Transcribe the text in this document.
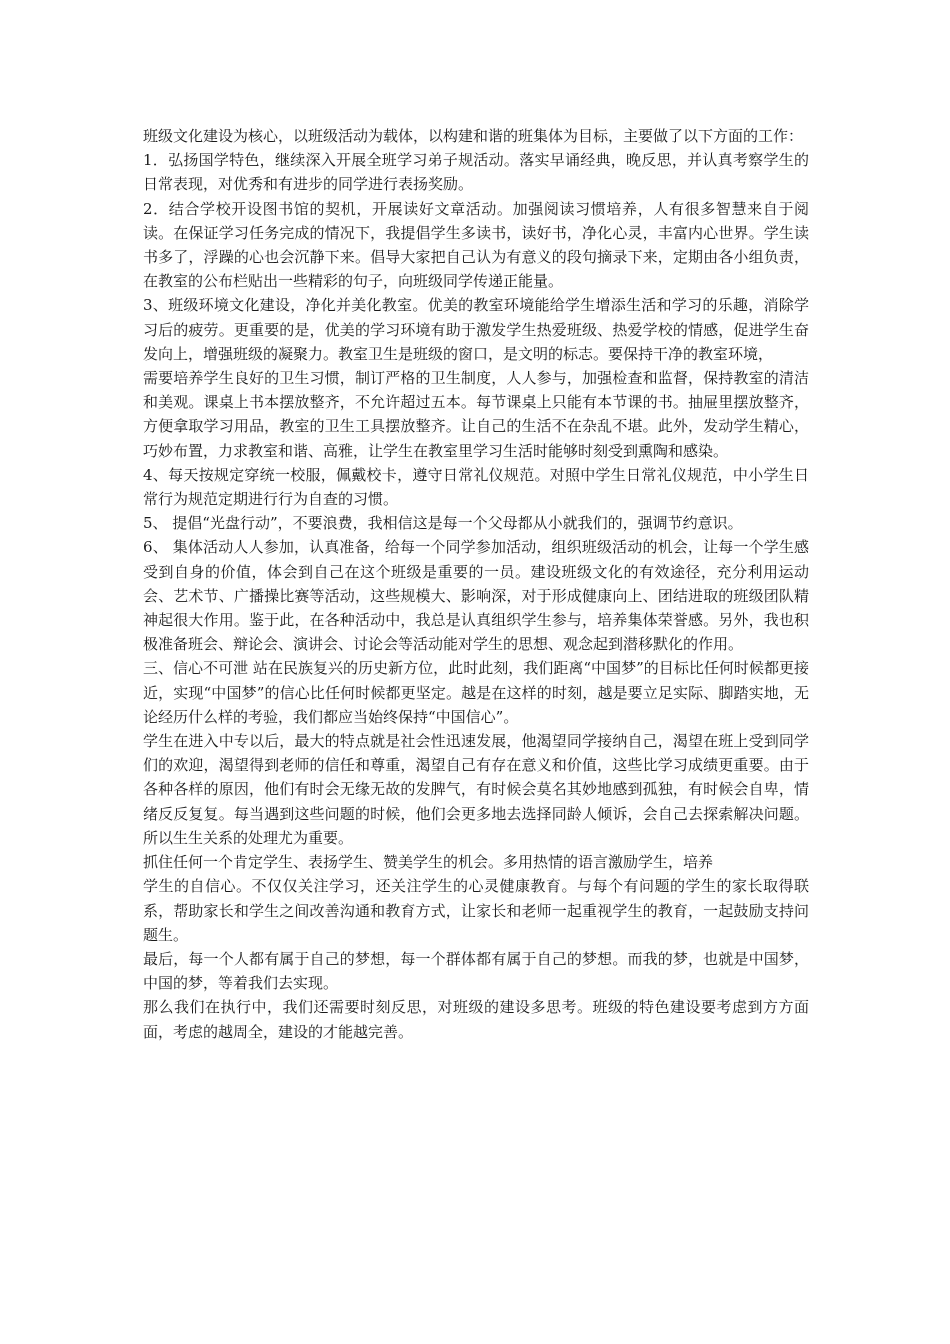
班级文化建设为核心，以班级活动为载体，以构建和谐的班集体为目标，主要做了以下方面的工作：

1．弘扬国学特色，继续深入开展全班学习弟子规活动。落实早诵经典，晚反思，并认真考察学生的日常表现，对优秀和有进步的同学进行表扬奖励。

2．结合学校开设图书馆的契机，开展读好文章活动。加强阅读习惯培养，人有很多智慧来自于阅读。在保证学习任务完成的情况下，我提倡学生多读书，读好书，净化心灵，丰富内心世界。学生读书多了，浮躁的心也会沉静下来。倡导大家把自己认为有意义的段句摘录下来，定期由各小组负责，在教室的公布栏贴出一些精彩的句子，向班级同学传递正能量。

3、班级环境文化建设，净化并美化教室。优美的教室环境能给学生增添生活和学习的乐趣，消除学习后的疲劳。更重要的是，优美的学习环境有助于激发学生热爱班级、热爱学校的情感，促进学生奋发向上，增强班级的凝聚力。教室卫生是班级的窗口，是文明的标志。要保持干净的教室环境，

需要培养学生良好的卫生习惯，制订严格的卫生制度，人人参与，加强检查和监督，保持教室的清洁和美观。课桌上书本摆放整齐，不允许超过五本。每节课桌上只能有本节课的书。抽屉里摆放整齐，方便拿取学习用品，教室的卫生工具摆放整齐。让自己的生活不在杂乱不堪。此外，发动学生精心，巧妙布置，力求教室和谐、高雅，让学生在教室里学习生活时能够时刻受到熏陶和感染。

4、每天按规定穿统一校服，佩戴校卡，遵守日常礼仪规范。对照中学生日常礼仪规范，中小学生日常行为规范定期进行行为自查的习惯。

5、 提倡“光盘行动”，不要浪费，我相信这是每一个父母都从小就我们的，强调节约意识。

6、 集体活动人人参加，认真准备，给每一个同学参加活动，组织班级活动的机会，让每一个学生感受到自身的价值，体会到自己在这个班级是重要的一员。建设班级文化的有效途径，充分利用运动会、艺术节、广播操比赛等活动，这些规模大、影响深，对于形成健康向上、团结进取的班级团队精神起很大作用。鉴于此，在各种活动中，我总是认真组织学生参与，培养集体荣誉感。另外，我也积极准备班会、辩论会、演讲会、讨论会等活动能对学生的思想、观念起到潜移默化的作用。

三、信心不可泄 站在民族复兴的历史新方位，此时此刻，我们距离“中国梦”的目标比任何时候都更接近，实现“中国梦”的信心比任何时候都更坚定。越是在这样的时刻，越是要立足实际、脚踏实地，无论经历什么样的考验，我们都应当始终保持“中国信心”。

学生在进入中专以后，最大的特点就是社会性迅速发展，他渴望同学接纳自己，渴望在班上受到同学们的欢迎，渴望得到老师的信任和尊重，渴望自己有存在意义和价值，这些比学习成绩更重要。由于各种各样的原因，他们有时会无缘无故的发脾气，有时候会莫名其妙地感到孤独，有时候会自卑，情绪反反复复。每当遇到这些问题的时候，他们会更多地去选择同龄人倾诉，会自己去探索解决问题。所以生生关系的处理尤为重要。

抓住任何一个肯定学生、表扬学生、赞美学生的机会。多用热情的语言激励学生，培养

学生的自信心。不仅仅关注学习，还关注学生的心灵健康教育。与每个有问题的学生的家长取得联系，帮助家长和学生之间改善沟通和教育方式，让家长和老师一起重视学生的教育，一起鼓励支持问题生。

最后，每一个人都有属于自己的梦想，每一个群体都有属于自己的梦想。而我的梦，也就是中国梦，中国的梦，等着我们去实现。

那么我们在执行中，我们还需要时刻反思，对班级的建设多思考。班级的特色建设要考虑到方方面面，考虑的越周全，建设的才能越完善。
